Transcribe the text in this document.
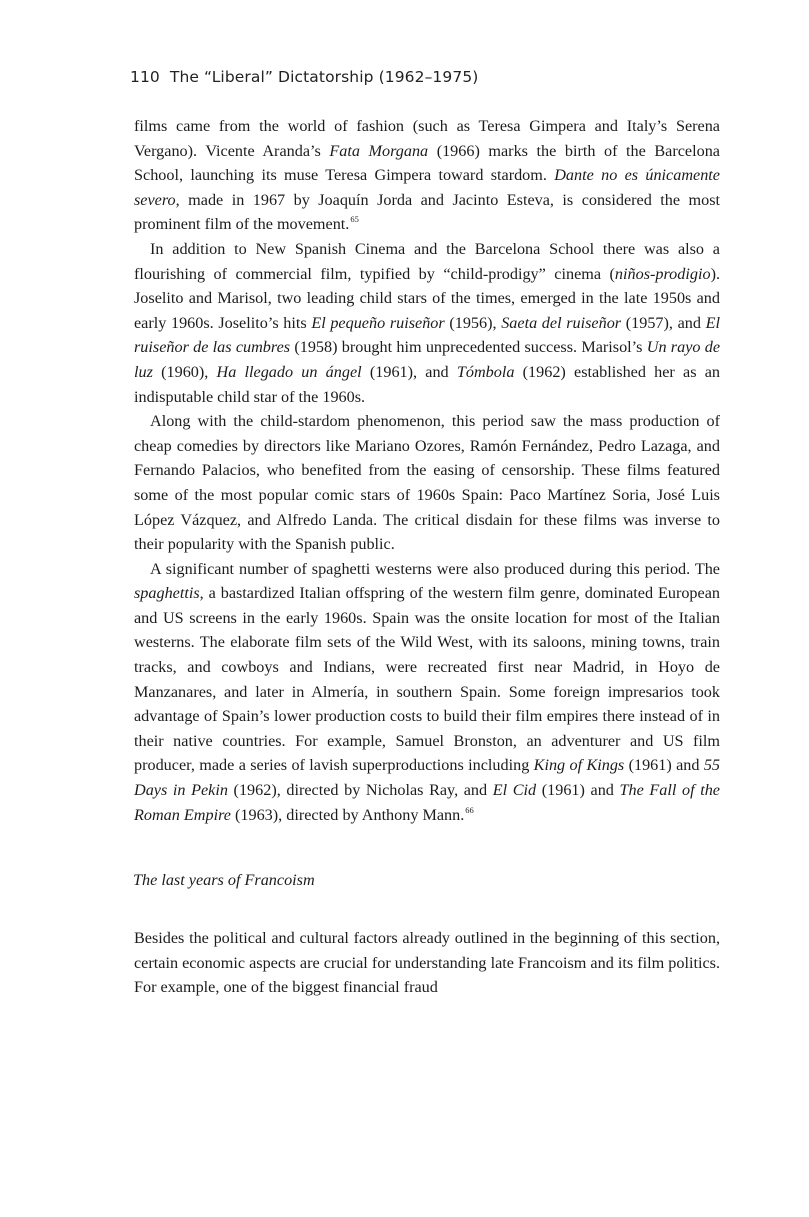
110 The “Liberal” Dictatorship (1962–1975)

films came from the world of fashion (such as Teresa Gimpera and Italy’s Serena Vergano). Vicente Aranda’s Fata Morgana (1966) marks the birth of the Barcelona School, launching its muse Teresa Gimpera toward stardom. Dante no es únicamente severo, made in 1967 by Joaquín Jorda and Jacinto Esteva, is considered the most prominent film of the movement.$^{65}$

In addition to New Spanish Cinema and the Barcelona School there was also a flourishing of commercial film, typified by “child-prodigy” cinema (niños-prodigio). Joselito and Marisol, two leading child stars of the times, emerged in the late 1950s and early 1960s. Joselito’s hits El pequeño ruiseñor (1956), Saeta del ruiseñor (1957), and El ruiseñor de las cumbres (1958) brought him unprecedented success. Marisol’s Un rayo de luz (1960), Ha llegado un ángel (1961), and Tómbola (1962) established her as an indisputable child star of the 1960s.

Along with the child-stardom phenomenon, this period saw the mass production of cheap comedies by directors like Mariano Ozores, Ramón Fernández, Pedro Lazaga, and Fernando Palacios, who benefited from the easing of censorship. These films featured some of the most popular comic stars of 1960s Spain: Paco Martínez Soria, José Luis López Vázquez, and Alfredo Landa. The critical disdain for these films was inverse to their popularity with the Spanish public.

A significant number of spaghetti westerns were also produced during this period. The spaghettis, a bastardized Italian offspring of the western film genre, dominated European and US screens in the early 1960s. Spain was the onsite location for most of the Italian westerns. The elaborate film sets of the Wild West, with its saloons, mining towns, train tracks, and cowboys and Indians, were recreated first near Madrid, in Hoyo de Manzanares, and later in Almería, in southern Spain. Some foreign impresarios took advantage of Spain’s lower production costs to build their film empires there instead of in their native countries. For example, Samuel Bronston, an adventurer and US film producer, made a series of lavish superproductions including King of Kings (1961) and 55 Days in Pekin (1962), directed by Nicholas Ray, and El Cid (1961) and The Fall of the Roman Empire (1963), directed by Anthony Mann.$^{66}$

The last years of Francoism

Besides the political and cultural factors already outlined in the beginning of this section, certain economic aspects are crucial for understanding late Francoism and its film politics. For example, one of the biggest financial fraud
